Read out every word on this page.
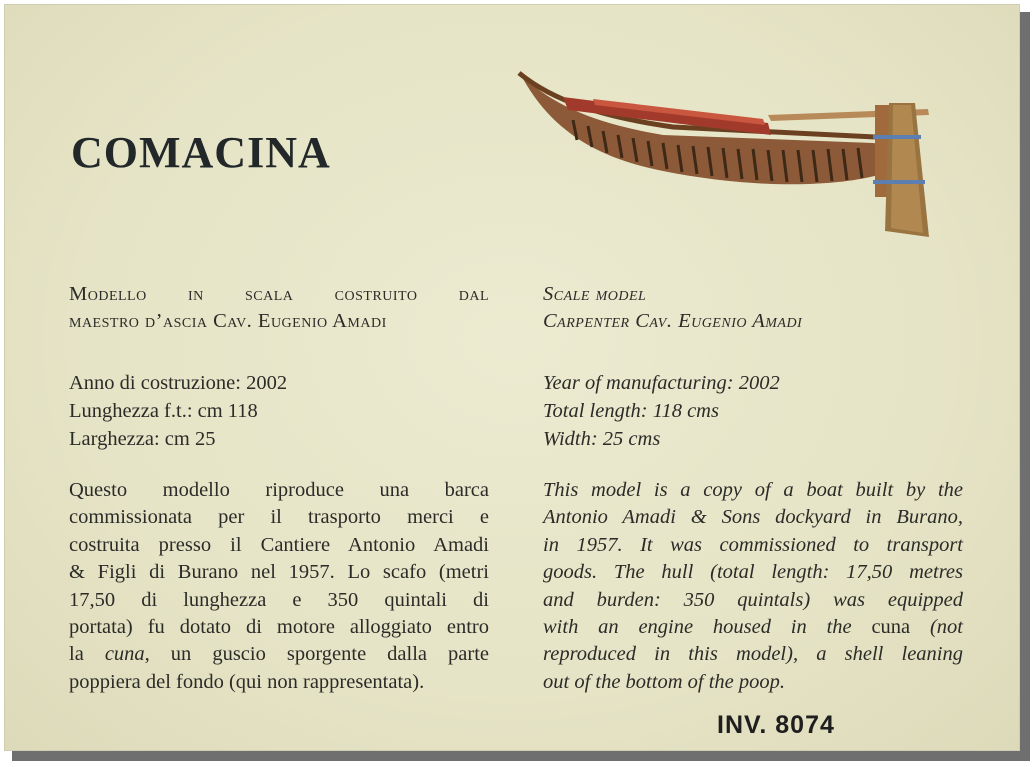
COMACINA
Modello in scala costruito dal
maestro d’ascia Cav. Eugenio Amadi
Anno di costruzione: 2002
Lunghezza f.t.: cm 118
Larghezza: cm 25
Questo modello riproduce una barca
commissionata per il trasporto merci e
costruita presso il Cantiere Antonio Amadi
& Figli di Burano nel 1957. Lo scafo (metri
17,50 di lunghezza e 350 quintali di
portata) fu dotato di motore alloggiato entro
la cuna, un guscio sporgente dalla parte
poppiera del fondo (qui non rappresentata).
Scale model
Carpenter Cav. Eugenio Amadi
Year of manufacturing: 2002
Total length: 118 cms
Width: 25 cms
This model is a copy of a boat built by the
Antonio Amadi & Sons dockyard in Burano,
in 1957. It was commissioned to transport
goods. The hull (total length: 17,50 metres
and burden: 350 quintals) was equipped
with an engine housed in the cuna (not
reproduced in this model), a shell leaning
out of the bottom of the poop.
INV. 8074
